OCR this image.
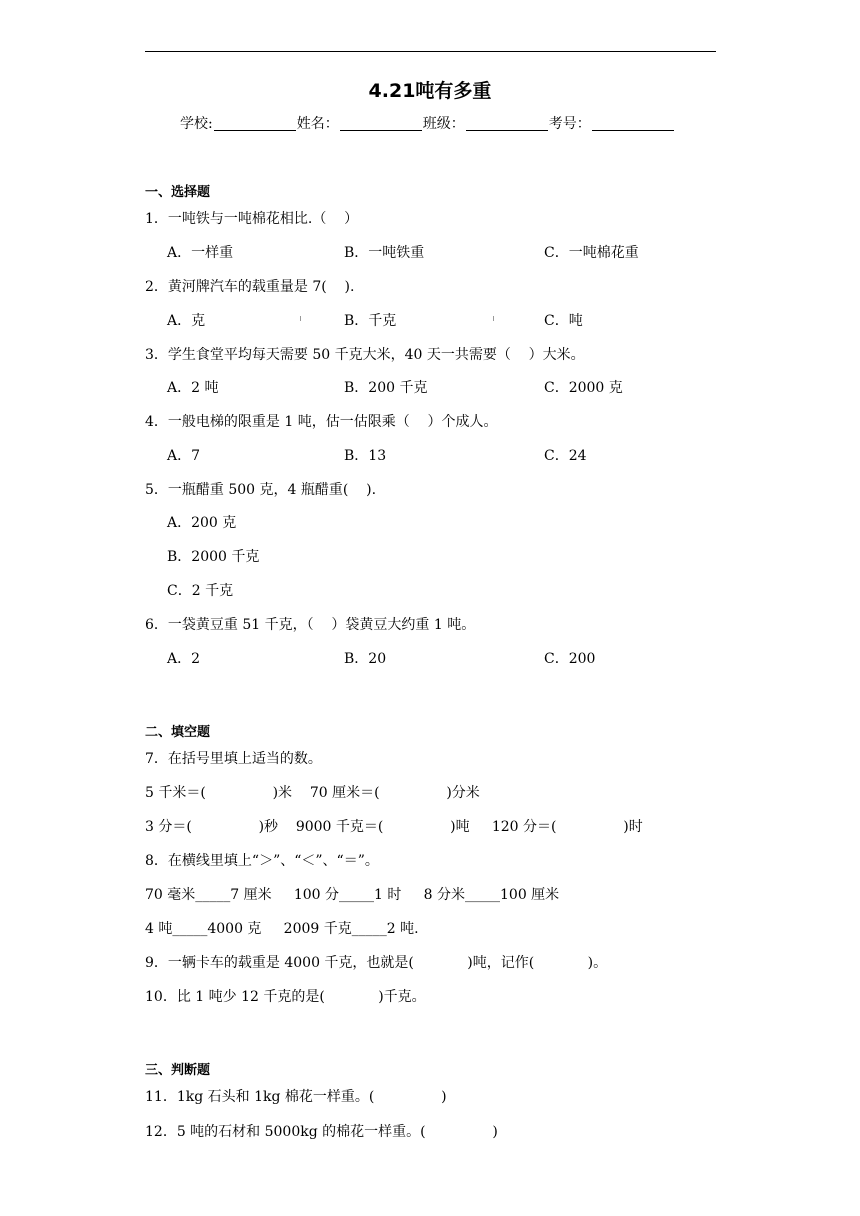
4.21吨有多重
学校:	姓名：	班级：	考号：
一、选择题
1．一吨铁与一吨棉花相比.（    ）
A．一样重	B．一吨铁重	C．一吨棉花重
2．黄河牌汽车的载重量是 7(    ).
A．克	B．千克	C．吨
3．学生食堂平均每天需要 50 千克大米，40 天一共需要（    ）大米。
A．2 吨	B．200 千克	C．2000 克
4．一般电梯的限重是 1 吨，估一估限乘（    ）个成人。
A．7	B．13	C．24
5．一瓶醋重 500 克，4 瓶醋重(    ).
A．200 克
B．2000 千克
C．2 千克
6．一袋黄豆重 51 千克，（    ）袋黄豆大约重 1 吨。
A．2	B．20	C．200
二、填空题
7．在括号里填上适当的数。
5 千米＝(               )米    70 厘米＝(               )分米
3 分＝(               )秒    9000 千克＝(               )吨     120 分＝(               )时
8．在横线里填上“＞”、“＜”、“＝”。
70 毫米_____7 厘米     100 分_____1 时     8 分米_____100 厘米
4 吨_____4000 克     2009 千克_____2 吨.
9．一辆卡车的载重是 4000 千克，也就是(            )吨，记作(            )。
10．比 1 吨少 12 千克的是(            )千克。
三、判断题
11．1kg 石头和 1kg 棉花一样重。(               )
12．5 吨的石材和 5000kg 的棉花一样重。(               )
